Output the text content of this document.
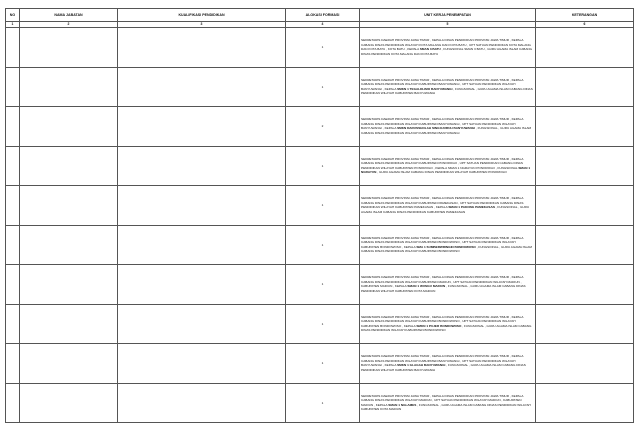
NO	NAMA JABATAN	KUALIFIKASI PENDIDIKAN	ALOKASI FORMASI	UNIT KERJA PENEMPATAN	KETERANGAN
1	2	3	4	5	6
			1	SEKRETARIS DAERAH PROVINSI JAWA TIMUR , KEPALA DINAS PENDIDIKAN PROVINSI JAWA TIMUR , KEPALA CABANG DINAS PENDIDIKAN WILAYAH KOTA MALANG DAN KOTA BATU , UPT SATUAN PENDIDIKAN KOTA MALANG DAN KOTA BATU , KOTA BATU , KEPALA SMAN 3 BATU , FUNGSIONAL SMAN 3 BATU , GURU AGAMA ISLAM CABANG DINAS PENDIDIKAN KOTA MALANG DAN KOTA BATU	
			1	SEKRETARIS DAERAH PROVINSI JAWA TIMUR , KEPALA DINAS PENDIDIKAN PROVINSI JAWA TIMUR , KEPALA CABANG DINAS PENDIDIKAN WILAYAH KABUPATEN BANYUWANGI , UPT SATUAN PENDIDIKAN WILAYAH BANYUWANGI , KEPALA SMKN 1 TEGALDLIMO BANYUWANGI , FUNGSIONAL , GURU AGAMA ISLAM CABANG DINAS PENDIDIKAN WILAYAH KABUPATEN BANYUWANGI	
			2	SEKRETARIS DAERAH PROVINSI JAWA TIMUR , KEPALA DINAS PENDIDIKAN PROVINSI JAWA TIMUR , KEPALA CABANG DINAS PENDIDIKAN WILAYAH KABUPATEN BANYUWANGI , UPT SATUAN PENDIDIKAN WILAYAH BANYUWANGI , KEPALA SMKN DARUSSHOLAH SINGOJURUH BANYUWANGI , FUNGSIONAL , GURU AGAMA ISLAM CABANG DINAS PENDIDIKAN WILAYAH KABUPATEN BANYUWANGI	
			1	SEKRETARIS DAERAH PROVINSI JAWA TIMUR , KEPALA DINAS PENDIDIKAN PROVINSI JAWA TIMUR , KEPALA CABANG DINAS PENDIDIKAN WILAYAH KABUPATEN PONOROGO , UPT SATUAN PENDIDIKAN CABANG DINAS PENDIDIKAN WILAYAH KABUPATEN PONOROGO , KEPALA SMAN 1 NGRAYUN PONOROGO , FUNGSIONAL SMAN 1 NGRAYUN , GURU AGAMA ISLAM CABANG DINAS PENDIDIKAN WILAYAH KABUPATEN PONOROGO	
			1	SEKRETARIS DAERAH PROVINSI JAWA TIMUR , KEPALA DINAS PENDIDIKAN PROVINSI JAWA TIMUR , KEPALA CABANG DINAS PENDIDIKAN WILAYAH KABUPATEN PAMEKASAN , UPT SATUAN PENDIDIKAN CABANG DINAS PENDIDIKAN WILAYAH KABUPATEN PAMEKASAN , KEPALA SMAN 1 PAKONG PAMEKASAN , FUNGSIONAL , GURU AGAMA ISLAM CABANG DINAS PENDIDIKAN KABUPATEN PAMEKASAN	
			1	SEKRETARIS DAERAH PROVINSI JAWA TIMUR , KEPALA DINAS PENDIDIKAN PROVINSI JAWA TIMUR , KEPALA CABANG DINAS PENDIDIKAN WILAYAH KABUPATEN BONDOWOSO , UPT SATUAN PENDIDIKAN WILAYAH KABUPATEN BONDOWOSO , KEPALA SMA 1 SUMBERWRINGIN BONDOWOSO , FUNGSIONAL , GURU AGAMA ISLAM CABANG DINAS PENDIDIKAN WILAYAH KABUPATEN BONDOWOSO	
			1	SEKRETARIS DAERAH PROVINSI JAWA TIMUR , KEPALA DINAS PENDIDIKAN PROVINSI JAWA TIMUR , KEPALA CABANG DINAS PENDIDIKAN WILAYAH KABUPATEN MADIUN , UPT SATUAN PENDIDIKAN WILAYAH MADIUN , KABUPATEN MADIUN , KEPALA SMAN 1 WUNGU MADIUN , FUNGSIONAL , GURU AGAMA ISLAM CABANG DINAS PENDIDIKAN WILAYAH KABUPATEN KOTA MADIUN	
			1	SEKRETARIS DAERAH PROVINSI JAWA TIMUR , KEPALA DINAS PENDIDIKAN PROVINSI JAWA TIMUR , KEPALA CABANG DINAS PENDIDIKAN WILAYAH KABUPATEN BONDOWOSO , UPT SATUAN PENDIDIKAN WILAYAH KABUPATEN BONDOWOSO , KEPALA SMKN 1 PUJER BONDOWOSO , FUNGSIONAL , GURU AGAMA ISLAM CABANG DINAS PENDIDIKAN WILAYAH KABUPATEN BONDOWOSO	
			1	SEKRETARIS DAERAH PROVINSI JAWA TIMUR , KEPALA DINAS PENDIDIKAN PROVINSI JAWA TIMUR , KEPALA CABANG DINAS PENDIDIKAN WILAYAH KABUPATEN BANYUWANGI , UPT SATUAN PENDIDIKAN WILAYAH BANYUWANGI , KEPALA SMKN 1 GLAGAH BANYUWANGI , FUNGSIONAL , GURU AGAMA ISLAM CABANG DINAS PENDIDIKAN WILAYAH KABUPATEN BANYUWANGI	
			1	SEKRETARIS DAERAH PROVINSI JAWA TIMUR , KEPALA DINAS PENDIDIKAN PROVINSI JAWA TIMUR , KEPALA CABANG DINAS PENDIDIKAN WILAYAH MADIUN , UPT SATUAN PENDIDIKAN WILAYAH MADIUN , KABUPATEN MADIUN , KEPALA SMAN 1 NGLAMES , FUNGSIONAL , GURU AGAMA ISLAM CABANG DINAS PENDIDIKAN WILAYAH KABUPATEN KOTA MADIUN	
